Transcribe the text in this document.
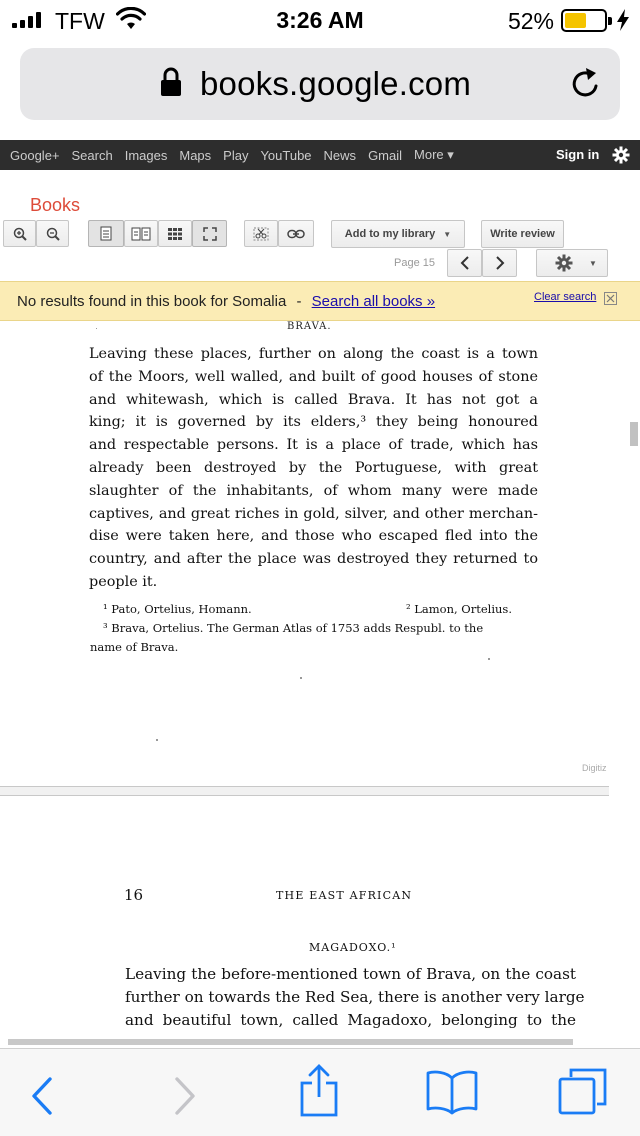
TFW	3:26 AM	52%
books.google.com
Google+ Search Images Maps Play YouTube News Gmail More ▾	Sign in
Books
Add to my library ▼	Write review
Page 15	▼
No results found in this book for Somalia - Search all books »	Clear search
BRAVA.
Leaving these places, further on along the coast is a town
of the Moors, well walled, and built of good houses of stone
and whitewash, which is called Brava. It has not got a
king; it is governed by its elders,³ they being honoured
and respectable persons. It is a place of trade, which has
already been destroyed by the Portuguese, with great
slaughter of the inhabitants, of whom many were made
captives, and great riches in gold, silver, and other merchan-
dise were taken here, and those who escaped fled into the
country, and after the place was destroyed they returned to
people it.
¹ Pato, Ortelius, Homann.	² Lamon, Ortelius.
³ Brava, Ortelius. The German Atlas of 1753 adds Respubl. to the
name of Brava.
Digitiz
16	THE EAST AFRICAN
MAGADOXO.¹
Leaving the before-mentioned town of Brava, on the coast
further on towards the Red Sea, there is another very large
and beautiful town, called Magadoxo, belonging to the
